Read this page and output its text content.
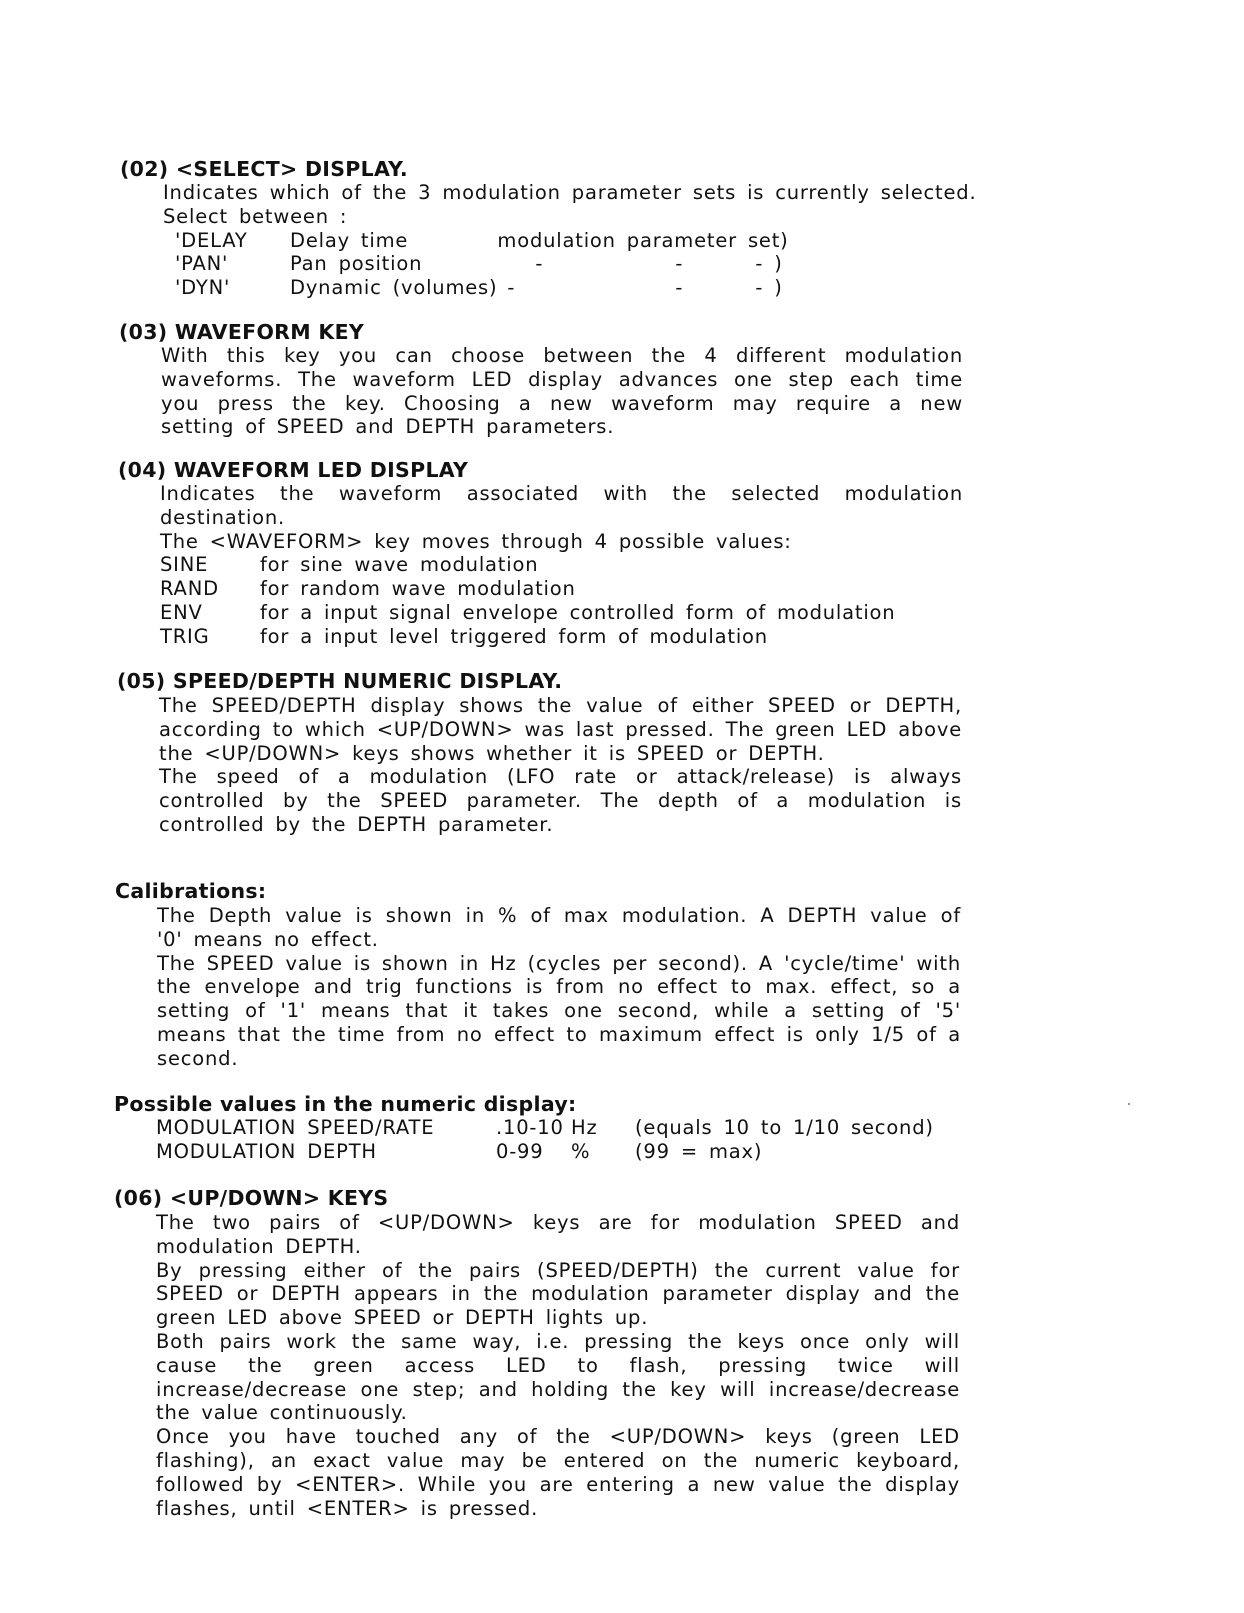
(02) <SELECT> DISPLAY.

Indicates which of the 3 modulation parameter sets is currently selected.

Select between :

'DELAY	Delay time	modulation parameter set)		
'PAN'	Pan position	-	-	- )
'DYN'	Dynamic (volumes)	-	-	- )
(03) WAVEFORM KEY

With this key you can choose between the 4 different modulation waveforms. The waveform LED display advances one step each time you press the key. Choosing a new waveform may require a new setting of SPEED and DEPTH parameters.

(04) WAVEFORM LED DISPLAY

Indicates the waveform associated with the selected modulation destination.

The <WAVEFORM> key moves through 4 possible values:

SINE	for sine wave modulation
RAND	for random wave modulation
ENV	for a input signal envelope controlled form of modulation
TRIG	for a input level triggered form of modulation
(05) SPEED/DEPTH NUMERIC DISPLAY.

The SPEED/DEPTH display shows the value of either SPEED or DEPTH, according to which <UP/DOWN> was last pressed. The green LED above the <UP/DOWN> keys shows whether it is SPEED or DEPTH.

The speed of a modulation (LFO rate or attack/release) is always controlled by the SPEED parameter. The depth of a modulation is controlled by the DEPTH parameter.

Calibrations:

The Depth value is shown in % of max modulation. A DEPTH value of '0' means no effect.

The SPEED value is shown in Hz (cycles per second). A 'cycle/time' with the envelope and trig functions is from no effect to max. effect, so a setting of '1' means that it takes one second, while a setting of '5' means that the time from no effect to maximum effect is only 1/5 of a second.

Possible values in the numeric display:
MODULATION SPEED/RATE	.10-10	Hz	(equals 10 to 1/10 second)
MODULATION DEPTH	0-99	%	(99 = max)
(06) <UP/DOWN> KEYS

The two pairs of <UP/DOWN> keys are for modulation SPEED and modulation DEPTH.

By pressing either of the pairs (SPEED/DEPTH) the current value for SPEED or DEPTH appears in the modulation parameter display and the green LED above SPEED or DEPTH lights up.

Both pairs work the same way, i.e. pressing the keys once only will cause the green access LED to flash, pressing twice will increase/decrease one step; and holding the key will increase/decrease the value continuously.

Once you have touched any of the <UP/DOWN> keys (green LED flashing), an exact value may be entered on the numeric keyboard, followed by <ENTER>. While you are entering a new value the display flashes, until <ENTER> is pressed.
